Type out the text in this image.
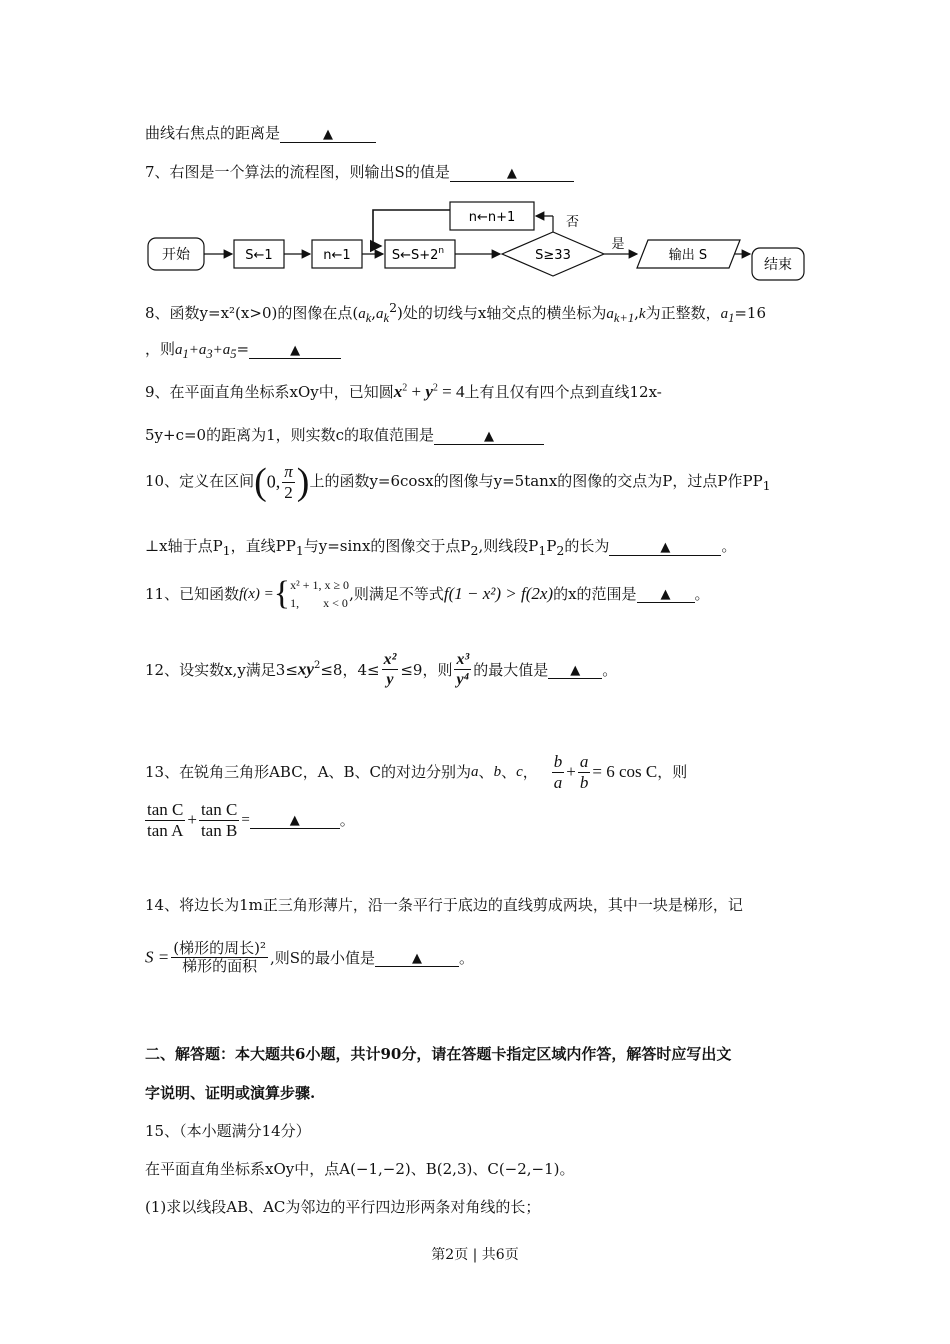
曲线右焦点的距离是	▲
7、右图是一个算法的流程图，则输出S的值是	▲
开始	S←1	n←1	$S\leftarrow S+2^n$	S≥33
否
n←n+1
是
输出 S
结束
8、函数y=x²(x>0)的图像在点$(a_k,a_k^2)$处的切线与x轴交点的横坐标为$a_{k+1},k$为正整数，$a_1=16$
，则$a_1+a_3+a_5=$	▲
9、在平面直角坐标系xOy中，已知圆$x^2 + y^2 = 4$上有且仅有四个点到直线12x-
5y+c=0的距离为1，则实数c的取值范围是	▲
10、定义在区间(0, $\frac{\pi}{2}$ )上的函数y=6cosx的图像与y=5tanx的图像的交点为P，过点P作$PP_1$
⊥x轴于点$P_1$，直线$PP_1$与y=sinx的图像交于点$P_2$,则线段$P_1P_2$的长为	▲	。
11、已知函数f(x) ={ x² + 1, x ≥ 0
1,        x < 0 ,则满足不等式f(1 − x²) > f(2x)的x的范围是 ▲ 。
12、设实数x,y满足$3\le xy^2\le 8$，$4\le \frac{\text{x²}}{y} \le 9$，则 $\frac{\text{x³}}{\text{y⁴}}$ 的最大值是 ▲ 。
13、在锐角三角形ABC，A、B、C的对边分别为a、b、c， $\frac{b}{a} + \frac{a}{b} = 6$ cos C，则
$\frac{\text{tan C}}{\text{tan A}} + \frac{\text{tan C}}{\text{tan B}}$ =	▲	。
14、将边长为1m正三角形薄片，沿一条平行于底边的直线剪成两块，其中一块是梯形，记
$S = \frac{\text{(梯形的周长)²}}{\text{梯形的面积}}$ ,则S的最小值是	▲ 。
二、解答题：本大题共6小题，共计90分，请在答题卡指定区域内作答，解答时应写出文
字说明、证明或演算步骤.
15、（本小题满分14分）
在平面直角坐标系xOy中，点A(−1,−2)、B(2,3)、C(−2,−1)。
(1)求以线段AB、AC为邻边的平行四边形两条对角线的长；
第2页 | 共6页
